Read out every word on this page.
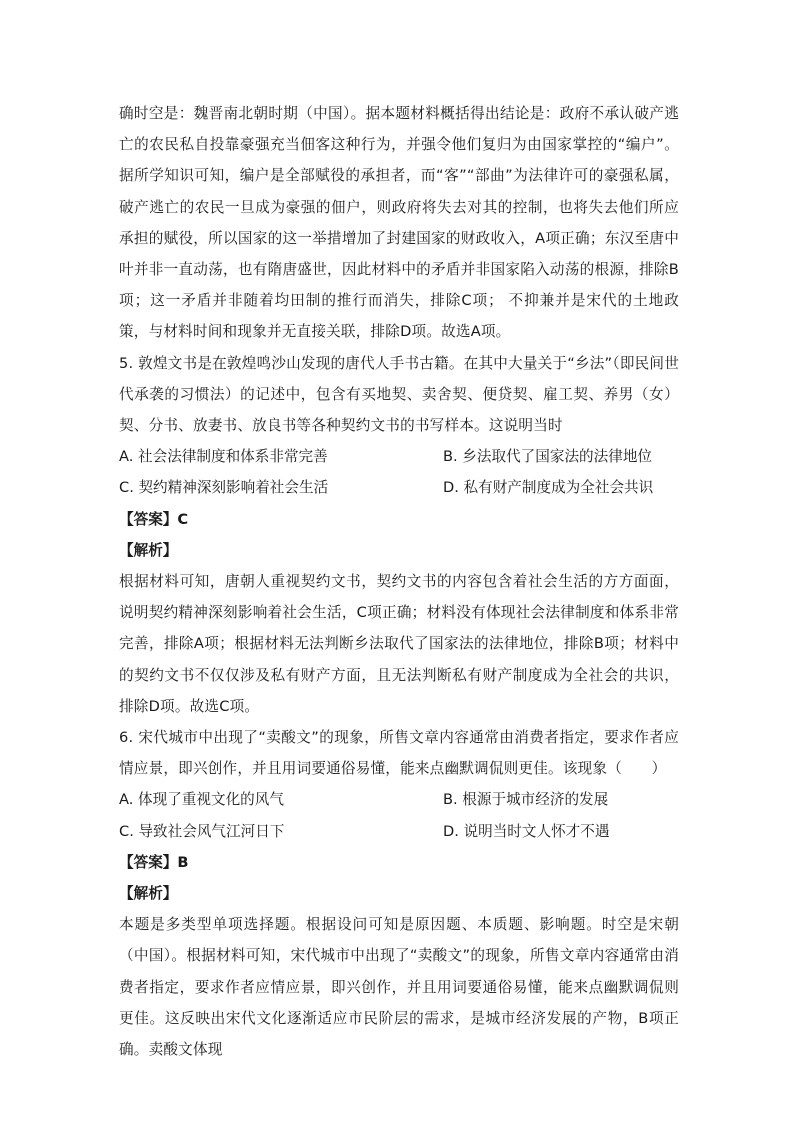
确时空是：魏晋南北朝时期（中国）。据本题材料概括得出结论是：政府不承认破产逃亡的农民私自投靠豪强充当佃客这种行为，并强令他们复归为由国家掌控的“编户”。据所学知识可知，编户是全部赋役的承担者，而“客”“部曲”为法律许可的豪强私属，破产逃亡的农民一旦成为豪强的佃户，则政府将失去对其的控制，也将失去他们所应承担的赋役，所以国家的这一举措增加了封建国家的财政收入，A项正确；东汉至唐中叶并非一直动荡，也有隋唐盛世，因此材料中的矛盾并非国家陷入动荡的根源，排除B项；这一矛盾并非随着均田制的推行而消失，排除C项； 不抑兼并是宋代的土地政策，与材料时间和现象并无直接关联，排除D项。故选A项。

5. 敦煌文书是在敦煌鸣沙山发现的唐代人手书古籍。在其中大量关于“乡法”（即民间世代承袭的习惯法）的记述中，包含有买地契、卖舍契、便贷契、雇工契、养男（女）契、分书、放妻书、放良书等各种契约文书的书写样本。这说明当时

A. 社会法律制度和体系非常完善	B. 乡法取代了国家法的法律地位
C. 契约精神深刻影响着社会生活	D. 私有财产制度成为全社会共识

【答案】C

【解析】

根据材料可知，唐朝人重视契约文书，契约文书的内容包含着社会生活的方方面面，说明契约精神深刻影响着社会生活，C项正确；材料没有体现社会法律制度和体系非常完善，排除A项；根据材料无法判断乡法取代了国家法的法律地位，排除B项；材料中的契约文书不仅仅涉及私有财产方面，且无法判断私有财产制度成为全社会的共识，排除D项。故选C项。

6. 宋代城市中出现了“卖酸文”的现象，所售文章内容通常由消费者指定，要求作者应情应景，即兴创作，并且用词要通俗易懂，能来点幽默调侃则更佳。该现象（　　）

A. 体现了重视文化的风气	B. 根源于城市经济的发展
C. 导致社会风气江河日下	D. 说明当时文人怀才不遇

【答案】B

【解析】

本题是多类型单项选择题。根据设问可知是原因题、本质题、影响题。时空是宋朝（中国）。根据材料可知，宋代城市中出现了“卖酸文”的现象，所售文章内容通常由消费者指定，要求作者应情应景，即兴创作，并且用词要通俗易懂，能来点幽默调侃则更佳。这反映出宋代文化逐渐适应市民阶层的需求，是城市经济发展的产物，B项正确。卖酸文体现
